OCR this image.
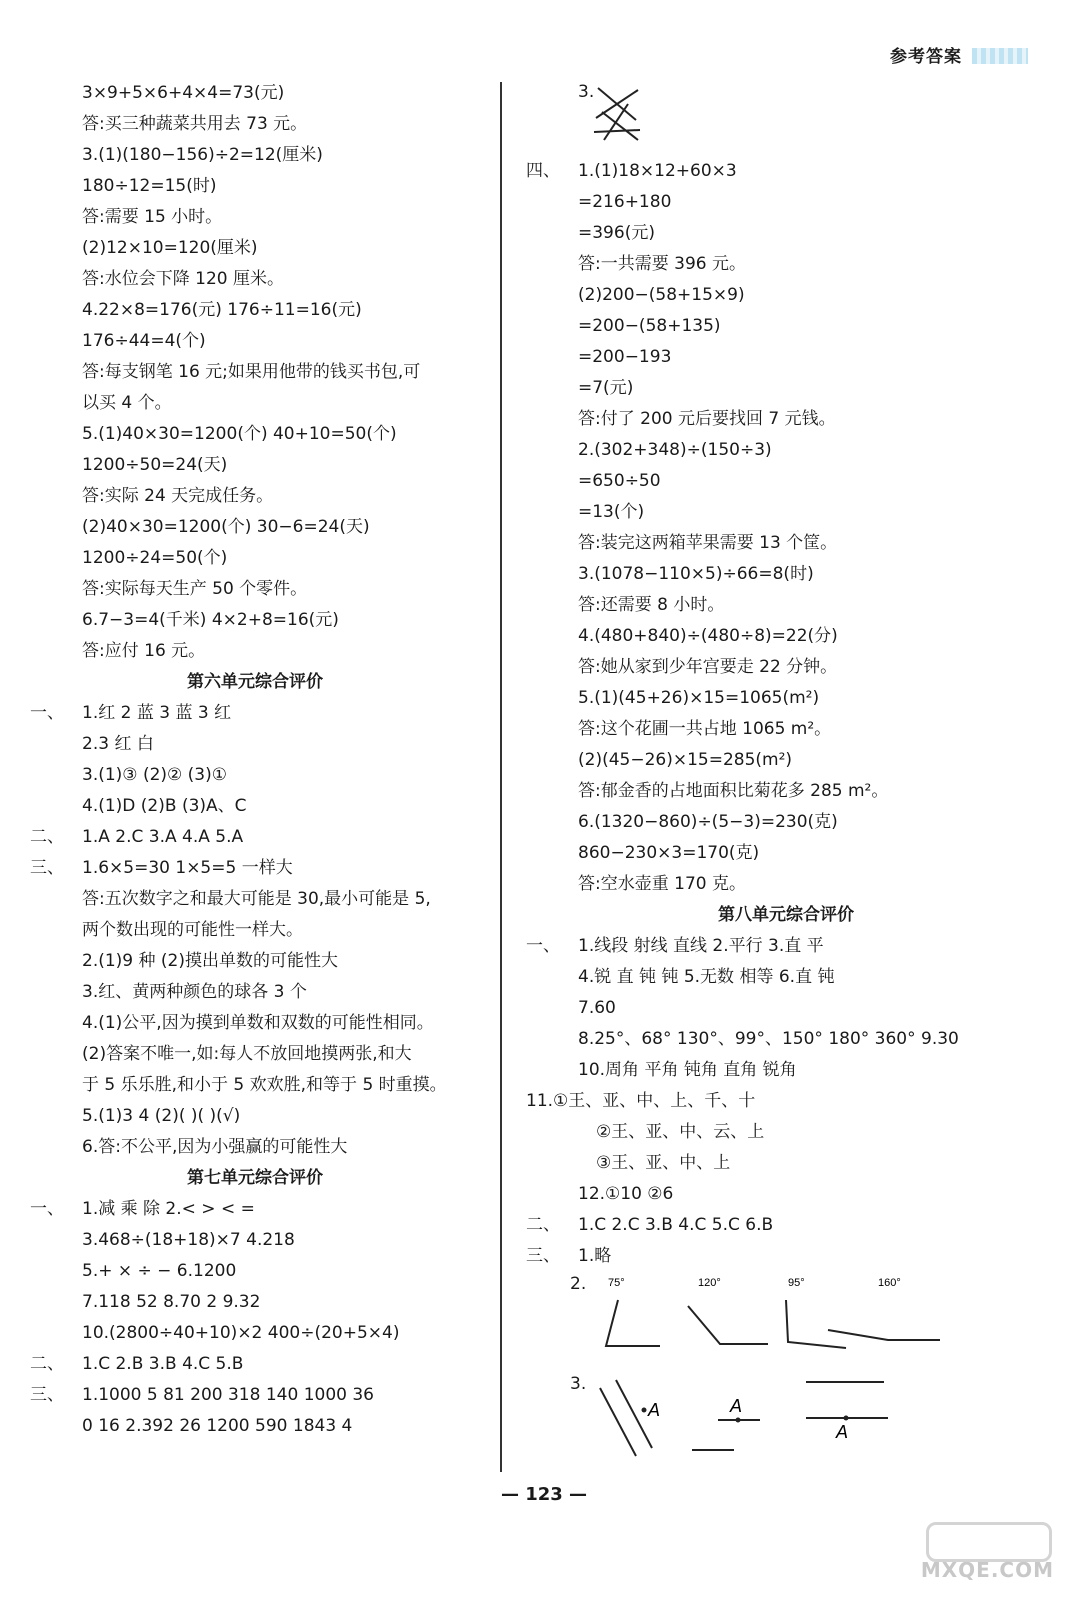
参考答案
3×9+5×6+4×4=73(元)
答:买三种蔬菜共用去 73 元。
3.(1)(180−156)÷2=12(厘米)
180÷12=15(时)
答:需要 15 小时。
(2)12×10=120(厘米)
答:水位会下降 120 厘米。
4.22×8=176(元) 176÷11=16(元)
176÷44=4(个)
答:每支钢笔 16 元;如果用他带的钱买书包,可
以买 4 个。
5.(1)40×30=1200(个) 40+10=50(个)
1200÷50=24(天)
答:实际 24 天完成任务。
(2)40×30=1200(个) 30−6=24(天)
1200÷24=50(个)
答:实际每天生产 50 个零件。
6.7−3=4(千米) 4×2+8=16(元)
答:应付 16 元。
第六单元综合评价
一、 1.红 2 蓝 3 蓝 3 红
2.3 红 白
3.(1)③ (2)② (3)①
4.(1)D (2)B (3)A、C
二、 1.A 2.C 3.A 4.A 5.A
三、 1.6×5=30 1×5=5 一样大
答:五次数字之和最大可能是 30,最小可能是 5,
两个数出现的可能性一样大。
2.(1)9 种 (2)摸出单数的可能性大
3.红、黄两种颜色的球各 3 个
4.(1)公平,因为摸到单数和双数的可能性相同。
(2)答案不唯一,如:每人不放回地摸两张,和大
于 5 乐乐胜,和小于 5 欢欢胜,和等于 5 时重摸。
5.(1)3 4 (2)( )( )(√)
6.答:不公平,因为小强赢的可能性大
第七单元综合评价
一、 1.减 乘 除 2.< > < =
3.468÷(18+18)×7 4.218
5.+ × ÷ − 6.1200
7.118 52 8.70 2 9.32
10.(2800÷40+10)×2 400÷(20+5×4)
二、 1.C 2.B 3.B 4.C 5.B
三、 1.1000 5 81 200 318 140 1000 36
0 16 2.392 26 1200 590 1843 4
3.
四、 1.(1)18×12+60×3
=216+180
=396(元)
答:一共需要 396 元。
(2)200−(58+15×9)
=200−(58+135)
=200−193
=7(元)
答:付了 200 元后要找回 7 元钱。
2.(302+348)÷(150÷3)
=650÷50
=13(个)
答:装完这两箱苹果需要 13 个筐。
3.(1078−110×5)÷66=8(时)
答:还需要 8 小时。
4.(480+840)÷(480÷8)=22(分)
答:她从家到少年宫要走 22 分钟。
5.(1)(45+26)×15=1065(m²)
答:这个花圃一共占地 1065 m²。
(2)(45−26)×15=285(m²)
答:郁金香的占地面积比菊花多 285 m²。
6.(1320−860)÷(5−3)=230(克)
860−230×3=170(克)
答:空水壶重 170 克。
第八单元综合评价
一、 1.线段 射线 直线 2.平行 3.直 平
4.锐 直 钝 钝 5.无数 相等 6.直 钝
7.60
8.25°、68° 130°、99°、150° 180° 360° 9.30
10.周角 平角 钝角 直角 锐角
11.①王、亚、中、上、千、十
②王、亚、中、云、上
③王、亚、中、上
12.①10 ②6
二、 1.C 2.C 3.B 4.C 5.C 6.B
三、 1.略
2. 75°	120°	95°	160°
3.
A	A
A
— 123 —
MXQE.COM
